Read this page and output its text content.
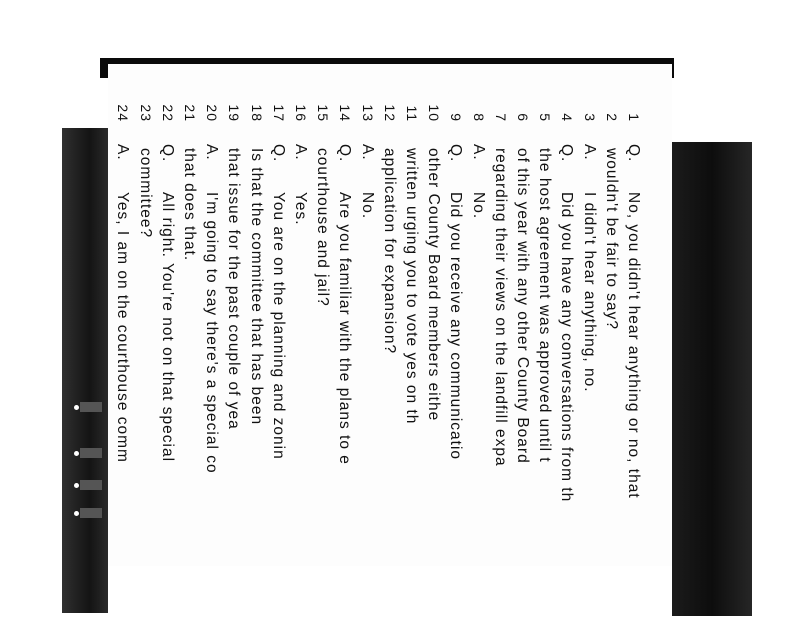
1
Q.
No, you didn't hear anything or no, that
2
wouldn't be fair to say?
3
A.
I didn't hear anything, no.
4
Q.
Did you have any conversations from th
5
the host agreement was approved until t
6
of this year with any other County Board
7
regarding their views on the landfill expa
8
A.
No.
9
Q.
Did you receive any communicatio
10
other County Board members eithe
11
written urging you to vote yes on th
12
application for expansion?
13
A.
No.
14
Q.
Are you familiar with the plans to e
15
courthouse and jail?
16
A.
Yes.
17
Q.
You are on the planning and zonin
18
Is that the committee that has been
19
that issue for the past couple of yea
20
A.
I'm going to say there's a special co
21
that does that.
22
Q.
All right. You're not on that special
23
committee?
24
A.
Yes, I am on the courthouse comm
